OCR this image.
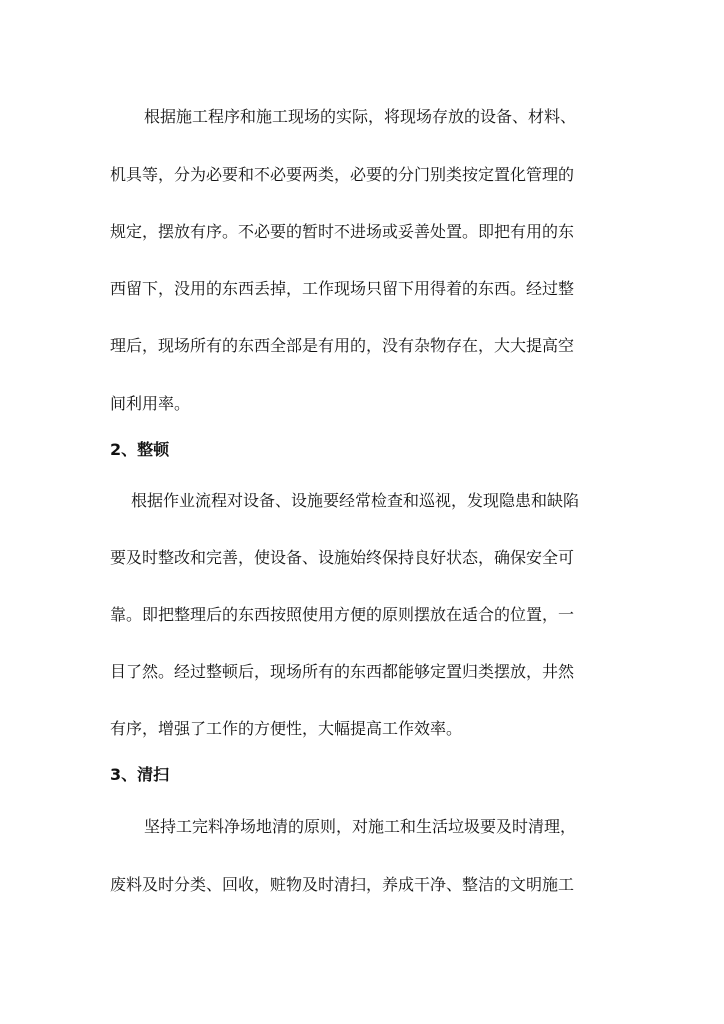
根据施工程序和施工现场的实际，将现场存放的设备、材料、
机具等，分为必要和不必要两类，必要的分门别类按定置化管理的
规定，摆放有序。不必要的暂时不进场或妥善处置。即把有用的东
西留下，没用的东西丢掉，工作现场只留下用得着的东西。经过整
理后，现场所有的东西全部是有用的，没有杂物存在，大大提高空
间利用率。
2、整顿
根据作业流程对设备、设施要经常检查和巡视，发现隐患和缺陷
要及时整改和完善，使设备、设施始终保持良好状态，确保安全可
靠。即把整理后的东西按照使用方便的原则摆放在适合的位置，一
目了然。经过整顿后，现场所有的东西都能够定置归类摆放，井然
有序，增强了工作的方便性，大幅提高工作效率。
3、清扫
坚持工完料净场地清的原则，对施工和生活垃圾要及时清理，
废料及时分类、回收，赃物及时清扫，养成干净、整洁的文明施工
